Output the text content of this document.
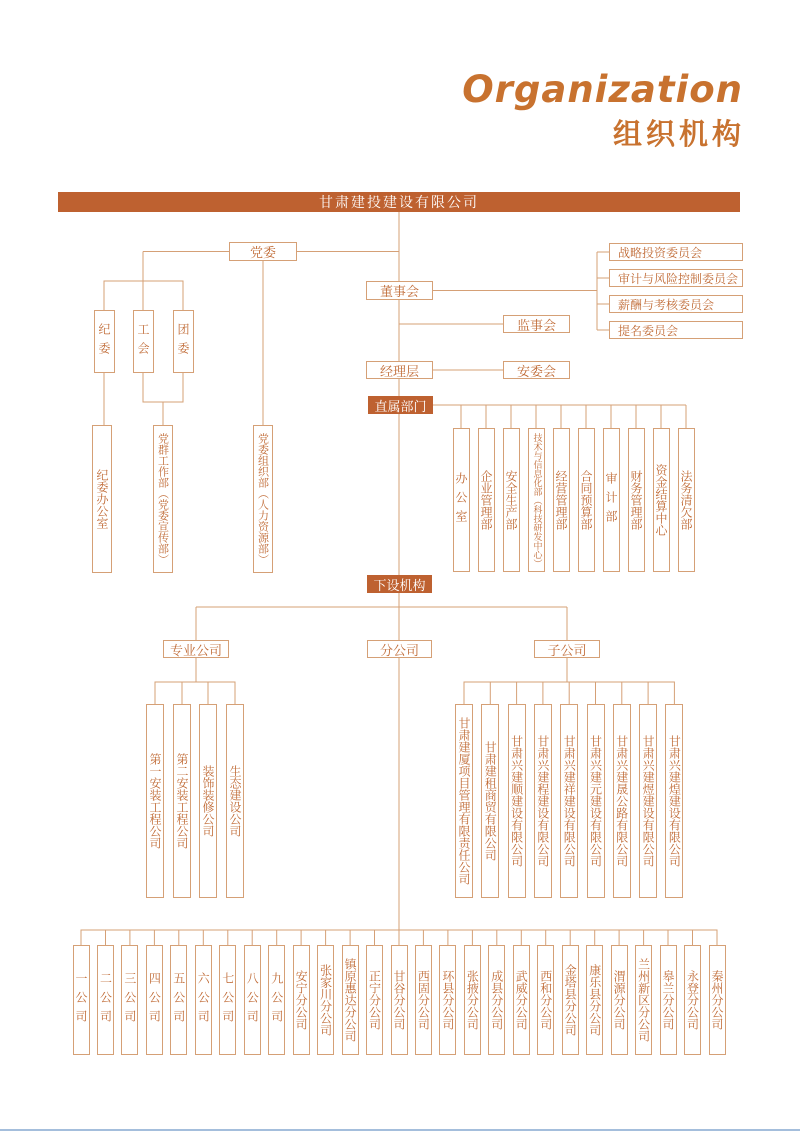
Organization
组织机构
甘肃建投建设有限公司
党委
董事会
监事会
经理层	安委会
直属部门
下设机构
专业公司	分公司	子公司
战略投资委员会
审计与风险控制委员会
薪酬与考核委员会
提名委员会
纪委 工会 团委
纪委办公室	党群工作部（党委宣传部）	党委组织部（人力资源部）	办公室 企业管理部 安全生产部 技术与信息化部（科技研发中心） 经营管理部 合同预算部 审计部 财务管理部 资金结算中心 法务清欠部
第一安装工程公司 第二安装工程公司 装饰装修公司 生态建设公司	甘肃建厦项目管理有限责任公司 甘肃建租商贸有限公司 甘肃兴建顺建设有限公司 甘肃兴建程建设有限公司 甘肃兴建祥建设有限公司 甘肃兴建元建设有限公司 甘肃兴建晟公路有限公司 甘肃兴建煜建设有限公司 甘肃兴建煌建设有限公司
一公司 二公司 三公司 四公司 五公司 六公司 七公司 八公司 九公司 安宁分公司 张家川分公司 镇原惠达分公司 正宁分公司 甘谷分公司 西固分公司 环县分公司 张掖分公司 成县分公司 武威分公司 西和分公司 金塔县分公司 康乐县分公司 渭源分公司 兰州新区分公司 皋兰分公司 永登分公司 秦州分公司
